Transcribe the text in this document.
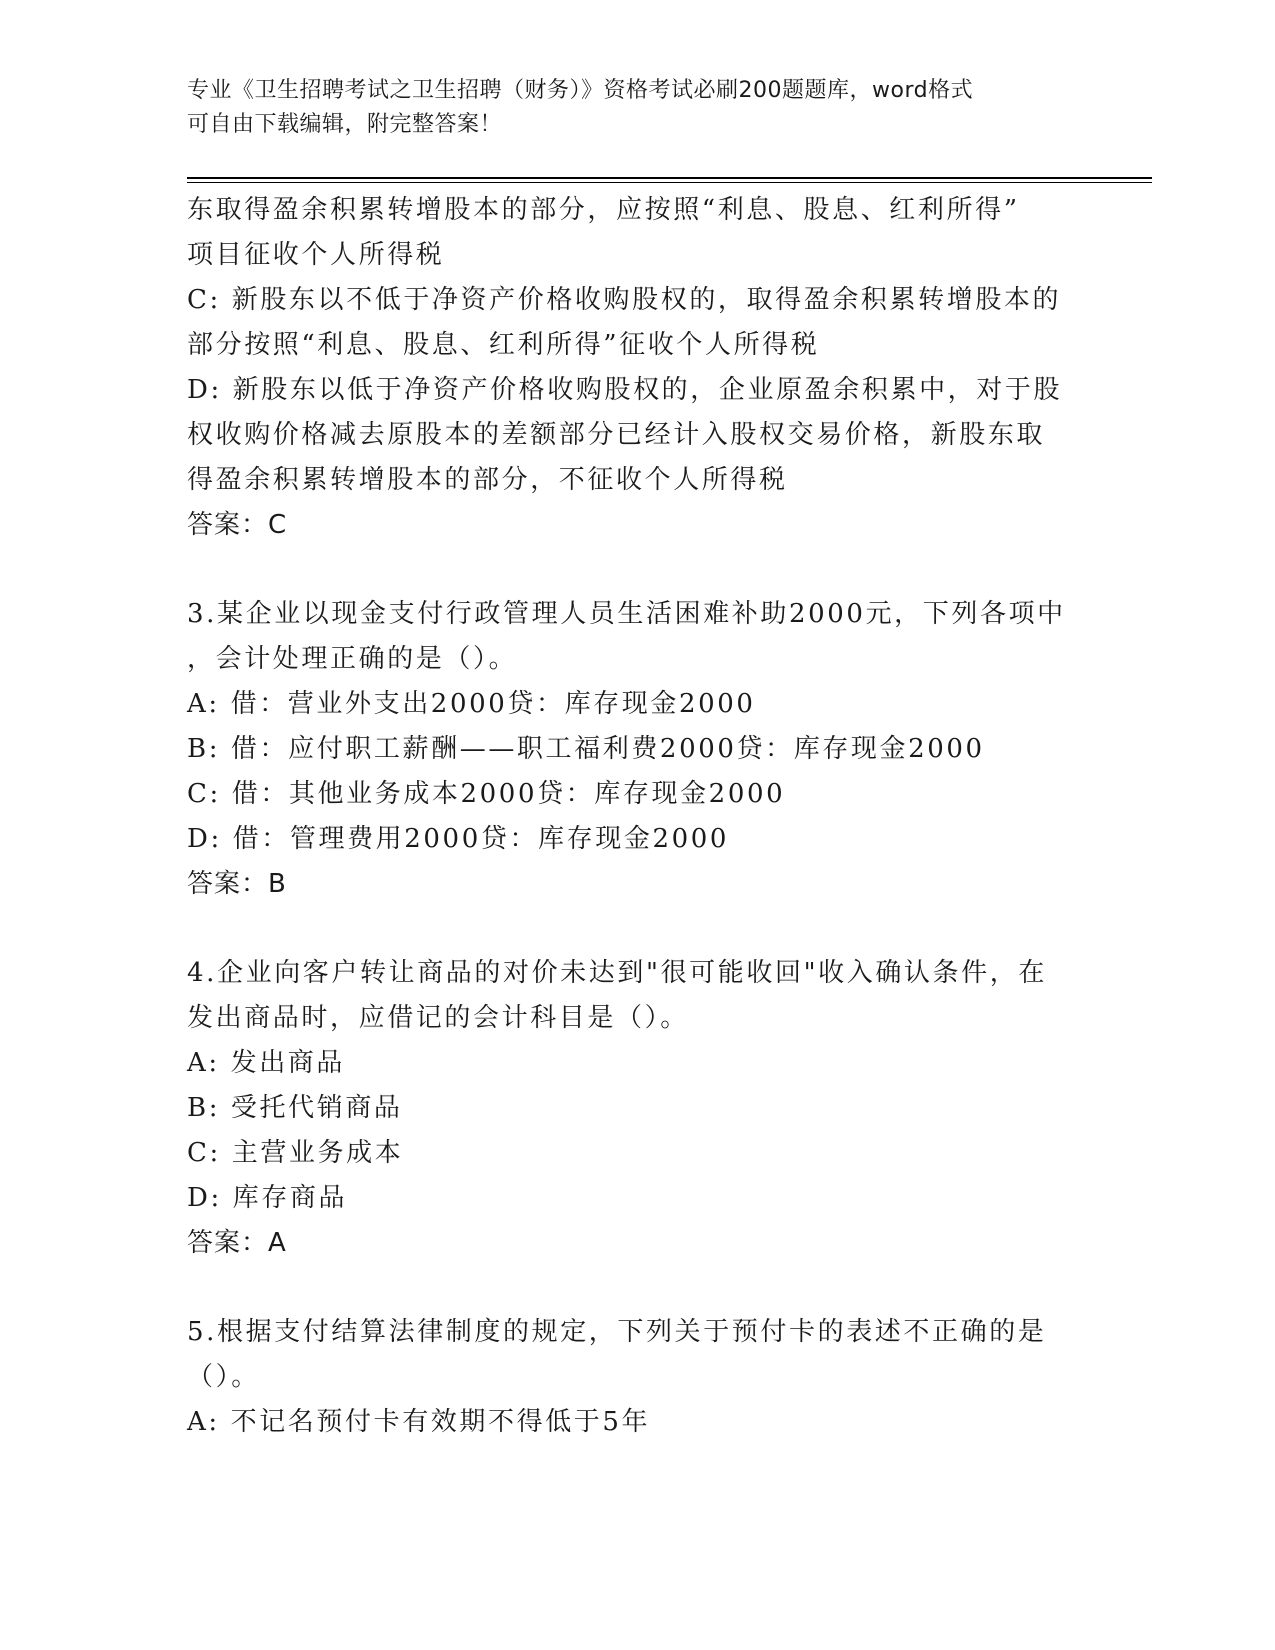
专业《卫生招聘考试之卫生招聘（财务）》资格考试必刷200题题库，word格式
可自由下载编辑，附完整答案！
东取得盈余积累转增股本的部分，应按照“利息、股息、红利所得”
项目征收个人所得税
C: 新股东以不低于净资产价格收购股权的，取得盈余积累转增股本的
部分按照“利息、股息、红利所得”征收个人所得税
D: 新股东以低于净资产价格收购股权的，企业原盈余积累中，对于股
权收购价格减去原股本的差额部分已经计入股权交易价格，新股东取
得盈余积累转增股本的部分，不征收个人所得税
答案：C
3.某企业以现金支付行政管理人员生活困难补助2000元，下列各项中
，会计处理正确的是（）。
A: 借：营业外支出2000贷：库存现金2000
B: 借：应付职工薪酬——职工福利费2000贷：库存现金2000
C: 借：其他业务成本2000贷：库存现金2000
D: 借：管理费用2000贷：库存现金2000
答案：B
4.企业向客户转让商品的对价未达到"很可能收回"收入确认条件，在
发出商品时，应借记的会计科目是（）。
A: 发出商品
B: 受托代销商品
C: 主营业务成本
D: 库存商品
答案：A
5.根据支付结算法律制度的规定，下列关于预付卡的表述不正确的是
（）。
A: 不记名预付卡有效期不得低于5年
